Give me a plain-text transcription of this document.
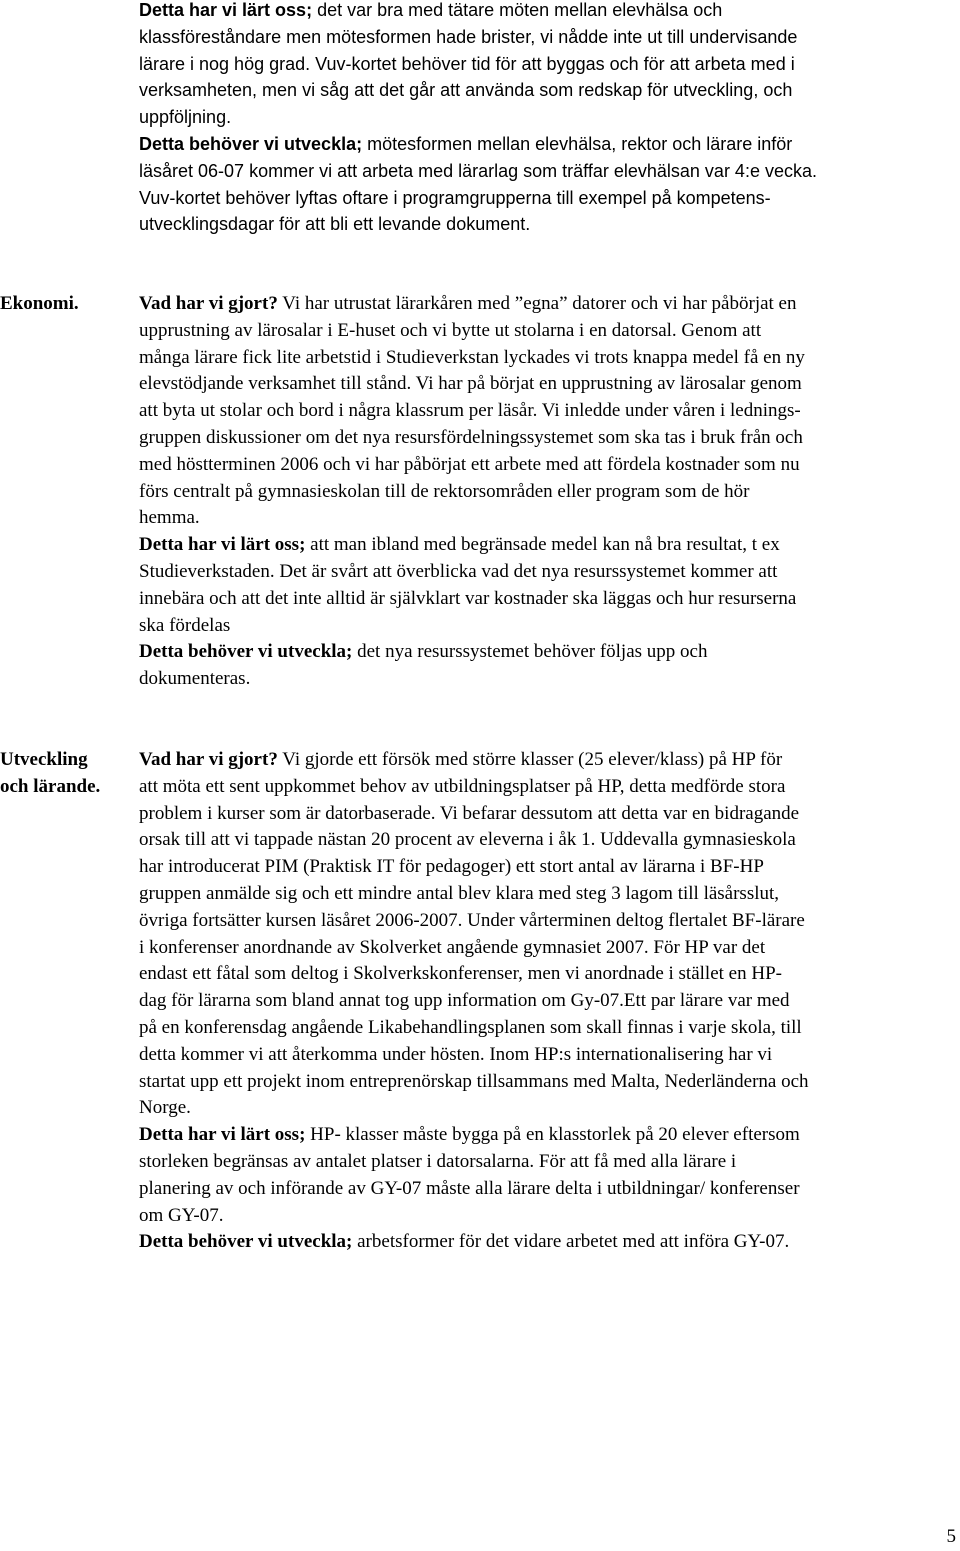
Detta har vi lärt oss; det var bra med tätare möten mellan elevhälsa och
klassföreståndare men mötesformen hade brister, vi nådde inte ut till undervisande
lärare i nog hög grad. Vuv-kortet behöver tid för att byggas och för att arbeta med i
verksamheten, men vi såg att det går att använda som redskap för utveckling, och
uppföljning.

Detta behöver vi utveckla; mötesformen mellan elevhälsa, rektor och lärare inför
läsåret 06-07 kommer vi att arbeta med lärarlag som träffar elevhälsan var 4:e vecka.
Vuv-kortet behöver lyftas oftare i programgrupperna till exempel på kompetens-
utvecklingsdagar för att bli ett levande dokument.

Ekonomi.	Vad har vi gjort? Vi har utrustat lärarkåren med ”egna” datorer och vi har påbörjat en
upprustning av lärosalar i E-huset och vi bytte ut stolarna i en datorsal. Genom att
många lärare fick lite arbetstid i Studieverkstan lyckades vi trots knappa medel få en ny
elevstödjande verksamhet till stånd. Vi har på börjat en upprustning av lärosalar genom
att byta ut stolar och bord i några klassrum per läsår. Vi inledde under våren i lednings-
gruppen diskussioner om det nya resursfördelningssystemet som ska tas i bruk från och
med höstterminen 2006 och vi har påbörjat ett arbete med att fördela kostnader som nu
förs centralt på gymnasieskolan till de rektorsområden eller program som de hör
hemma.

Detta har vi lärt oss; att man ibland med begränsade medel kan nå bra resultat, t ex
Studieverkstaden. Det är svårt att överblicka vad det nya resurssystemet kommer att
innebära och att det inte alltid är självklart var kostnader ska läggas och hur resurserna
ska fördelas

Detta behöver vi utveckla; det nya resurssystemet behöver följas upp och
dokumenteras.

Utveckling
och lärande.

Vad har vi gjort? Vi gjorde ett försök med större klasser (25 elever/klass) på HP för
att möta ett sent uppkommet behov av utbildningsplatser på HP, detta medförde stora
problem i kurser som är datorbaserade. Vi befarar dessutom att detta var en bidragande
orsak till att vi tappade nästan 20 procent av eleverna i åk 1. Uddevalla gymnasieskola
har introducerat PIM (Praktisk IT för pedagoger) ett stort antal av lärarna i BF-HP
gruppen anmälde sig och ett mindre antal blev klara med steg 3 lagom till läsårsslut,
övriga fortsätter kursen läsåret 2006-2007. Under vårterminen deltog flertalet BF-lärare
i konferenser anordnande av Skolverket angående gymnasiet 2007. För HP var det
endast ett fåtal som deltog i Skolverkskonferenser, men vi anordnade i stället en HP-
dag för lärarna som bland annat tog upp information om Gy-07.Ett par lärare var med
på en konferensdag angående Likabehandlingsplanen som skall finnas i varje skola, till
detta kommer vi att återkomma under hösten. Inom HP:s internationalisering har vi
startat upp ett projekt inom entreprenörskap tillsammans med Malta, Nederländerna och
Norge.

Detta har vi lärt oss; HP- klasser måste bygga på en klasstorlek på 20 elever eftersom
storleken begränsas av antalet platser i datorsalarna. För att få med alla lärare i
planering av och införande av GY-07 måste alla lärare delta i utbildningar/ konferenser
om GY-07.

Detta behöver vi utveckla; arbetsformer för det vidare arbetet med att införa GY-07.

5
